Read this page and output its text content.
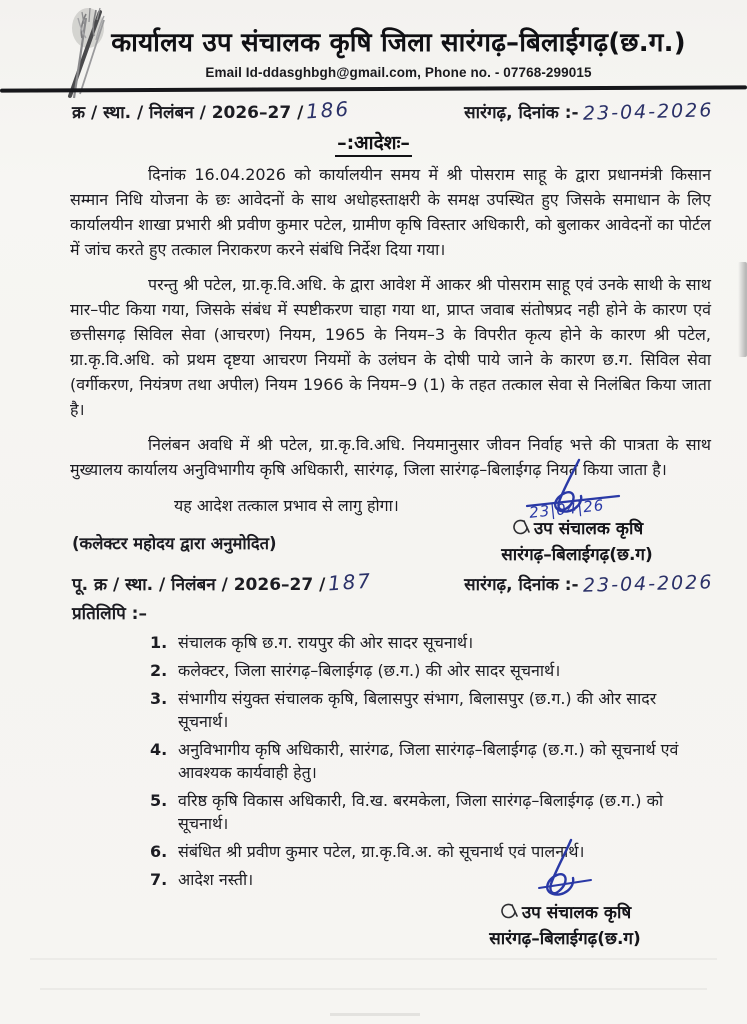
कार्यालय उप संचालक कृषि जिला सारंगढ़–बिलाईगढ़(छ.ग.)
Email Id-ddasghbgh@gmail.com, Phone no. - 07768-299015
क्र / स्था. / निलंबन / 2026–27 / 186	सारंगढ़, दिनांक :- 23-04-2026
–:आदेशः–

दिनांक 16.04.2026 को कार्यालयीन समय में श्री पोसराम साहू के द्वारा प्रधानमंत्री किसान सम्मान निधि योजना के छः आवेदनों के साथ अधोहस्ताक्षरी के समक्ष उपस्थित हुए जिसके समाधान के लिए कार्यालयीन शाखा प्रभारी श्री प्रवीण कुमार पटेल, ग्रामीण कृषि विस्तार अधिकारी, को बुलाकर आवेदनों का पोर्टल में जांच करते हुए तत्काल निराकरण करने संबंधि निर्देश दिया गया।

परन्तु श्री पटेल, ग्रा.कृ.वि.अधि. के द्वारा आवेश में आकर श्री पोसराम साहू एवं उनके साथी के साथ मार–पीट किया गया, जिसके संबंध में स्पष्टीकरण चाहा गया था, प्राप्त जवाब संतोषप्रद नही होने के कारण एवं छत्तीसगढ़ सिविल सेवा (आचरण) नियम, 1965 के नियम–3 के विपरीत कृत्य होने के कारण श्री पटेल, ग्रा.कृ.वि.अधि. को प्रथम दृष्टया आचरण नियमों के उलंघन के दोषी पाये जाने के कारण छ.ग. सिविल सेवा (वर्गीकरण, नियंत्रण तथा अपील) नियम 1966 के नियम–9 (1) के तहत तत्काल सेवा से निलंबित किया जाता है।

निलंबन अवधि में श्री पटेल, ग्रा.कृ.वि.अधि. नियमानुसार जीवन निर्वाह भत्ते की पात्रता के साथ मुख्यालय कार्यालय अनुविभागीय कृषि अधिकारी, सारंगढ़, जिला सारंगढ़–बिलाईगढ़ नियत किया जाता है।

यह आदेश तत्काल प्रभाव से लागु होगा।

(कलेक्टर महोदय द्वारा अनुमोदित)

23|04|26
उप संचालक कृषि
सारंगढ़–बिलाईगढ़(छ.ग)
पू. क्र / स्था. / निलंबन / 2026–27 / 187	सारंगढ़, दिनांक :- 23-04-2026
प्रतिलिपि :–
1. संचालक कृषि छ.ग. रायपुर की ओर सादर सूचनार्थ।
2. कलेक्टर, जिला सारंगढ़–बिलाईगढ़ (छ.ग.) की ओर सादर सूचनार्थ।
3. संभागीय संयुक्त संचालक कृषि, बिलासपुर संभाग, बिलासपुर (छ.ग.) की ओर सादर सूचनार्थ।
4. अनुविभागीय कृषि अधिकारी, सारंगढ, जिला सारंगढ़–बिलाईगढ़ (छ.ग.) को सूचनार्थ एवं आवश्यक कार्यवाही हेतु।
5. वरिष्ठ कृषि विकास अधिकारी, वि.ख. बरमकेला, जिला सारंगढ़–बिलाईगढ़ (छ.ग.) को सूचनार्थ।
6. संबंधित श्री प्रवीण कुमार पटेल, ग्रा.कृ.वि.अ. को सूचनार्थ एवं पालनार्थ।
7. आदेश नस्ती।
उप संचालक कृषि
सारंगढ़–बिलाईगढ़(छ.ग)
